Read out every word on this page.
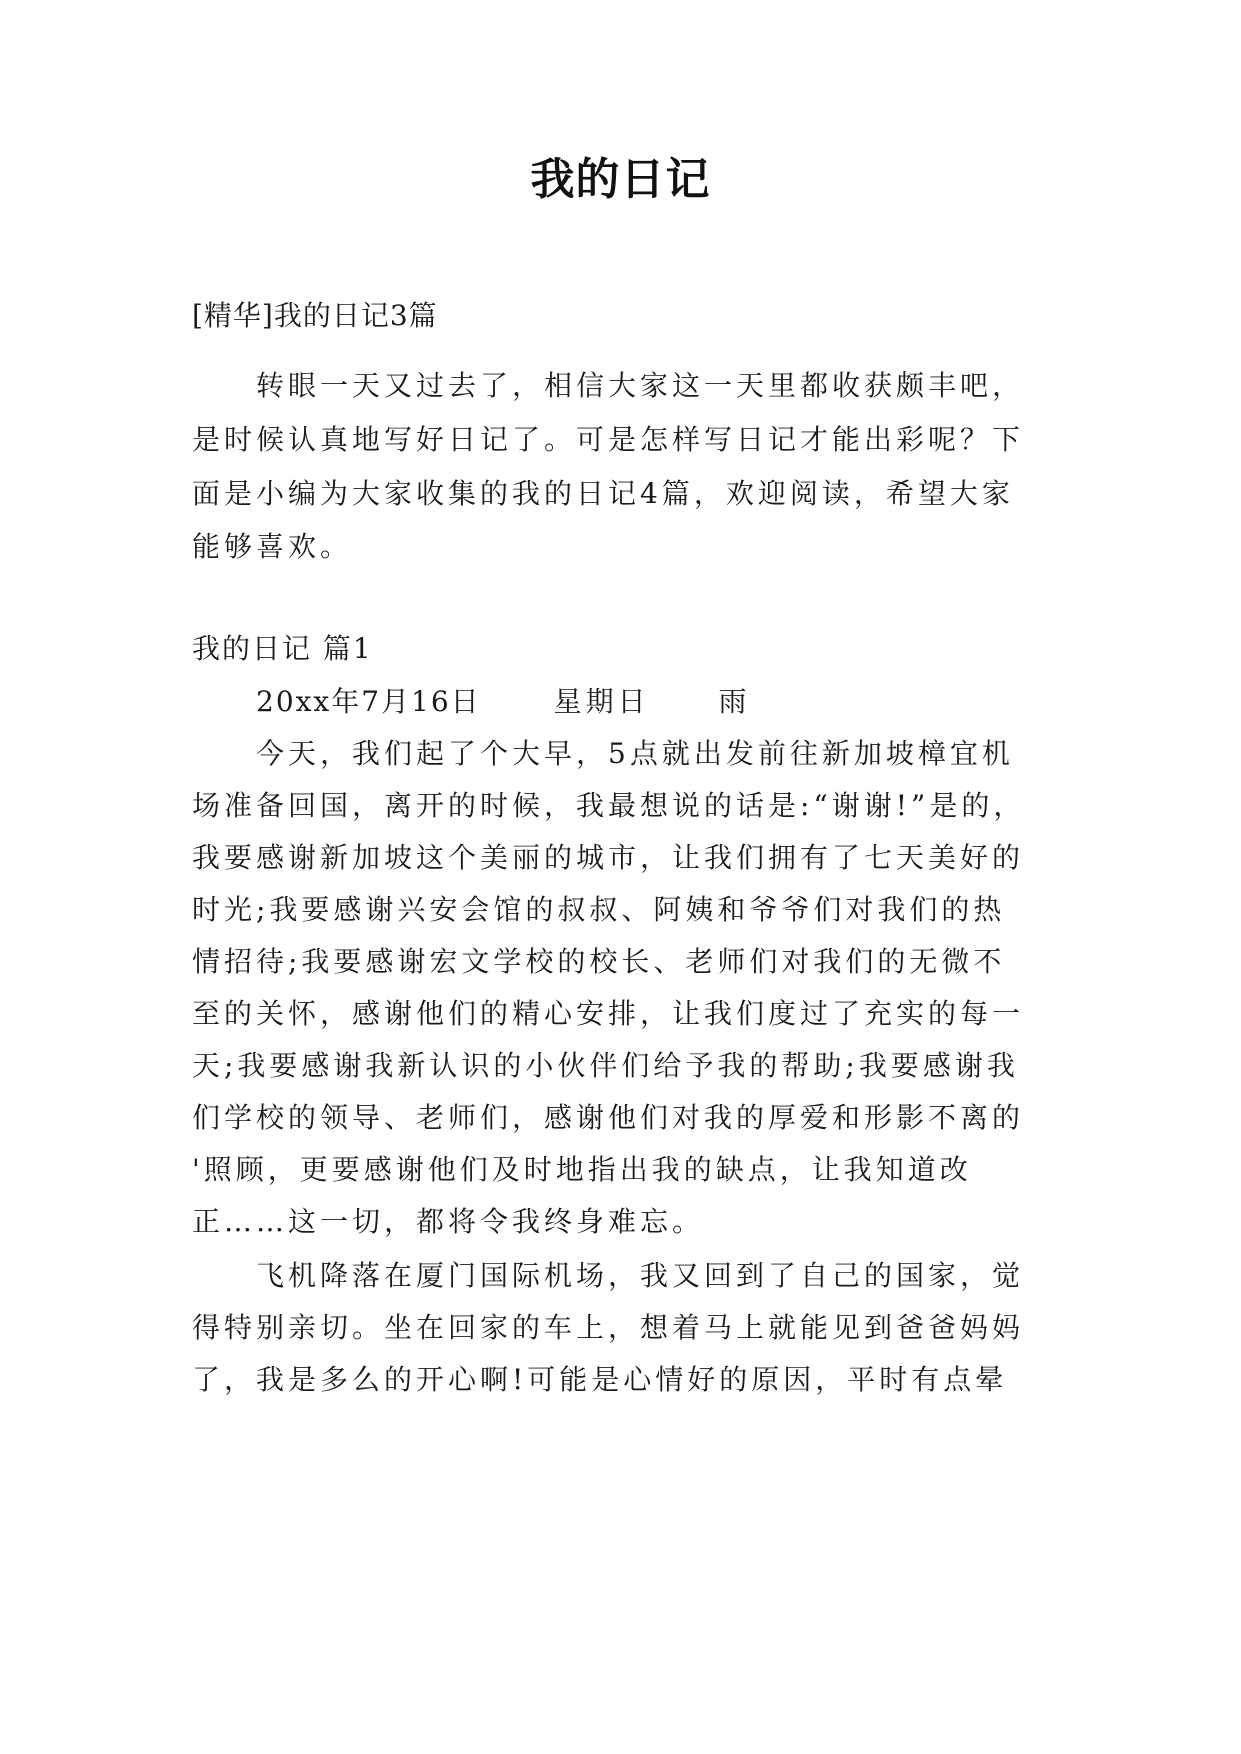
我的日记
[精华]我的日记3篇
转眼一天又过去了，相信大家这一天里都收获颇丰吧，
是时候认真地写好日记了。可是怎样写日记才能出彩呢？下
面是小编为大家收集的我的日记4篇，欢迎阅读，希望大家
能够喜欢。
我的日记 篇1
20xx年7月16日	星期日 雨
今天，我们起了个大早，5点就出发前往新加坡樟宜机
场准备回国，离开的时候，我最想说的话是:“谢谢!”是的，
我要感谢新加坡这个美丽的城市，让我们拥有了七天美好的
时光;我要感谢兴安会馆的叔叔、阿姨和爷爷们对我们的热
情招待;我要感谢宏文学校的校长、老师们对我们的无微不
至的关怀，感谢他们的精心安排，让我们度过了充实的每一
天;我要感谢我新认识的小伙伴们给予我的帮助;我要感谢我
们学校的领导、老师们，感谢他们对我的厚爱和形影不离的
'照顾，更要感谢他们及时地指出我的缺点，让我知道改
正……这一切，都将令我终身难忘。
飞机降落在厦门国际机场，我又回到了自己的国家，觉
得特别亲切。坐在回家的车上，想着马上就能见到爸爸妈妈
了，我是多么的开心啊!可能是心情好的原因，平时有点晕
